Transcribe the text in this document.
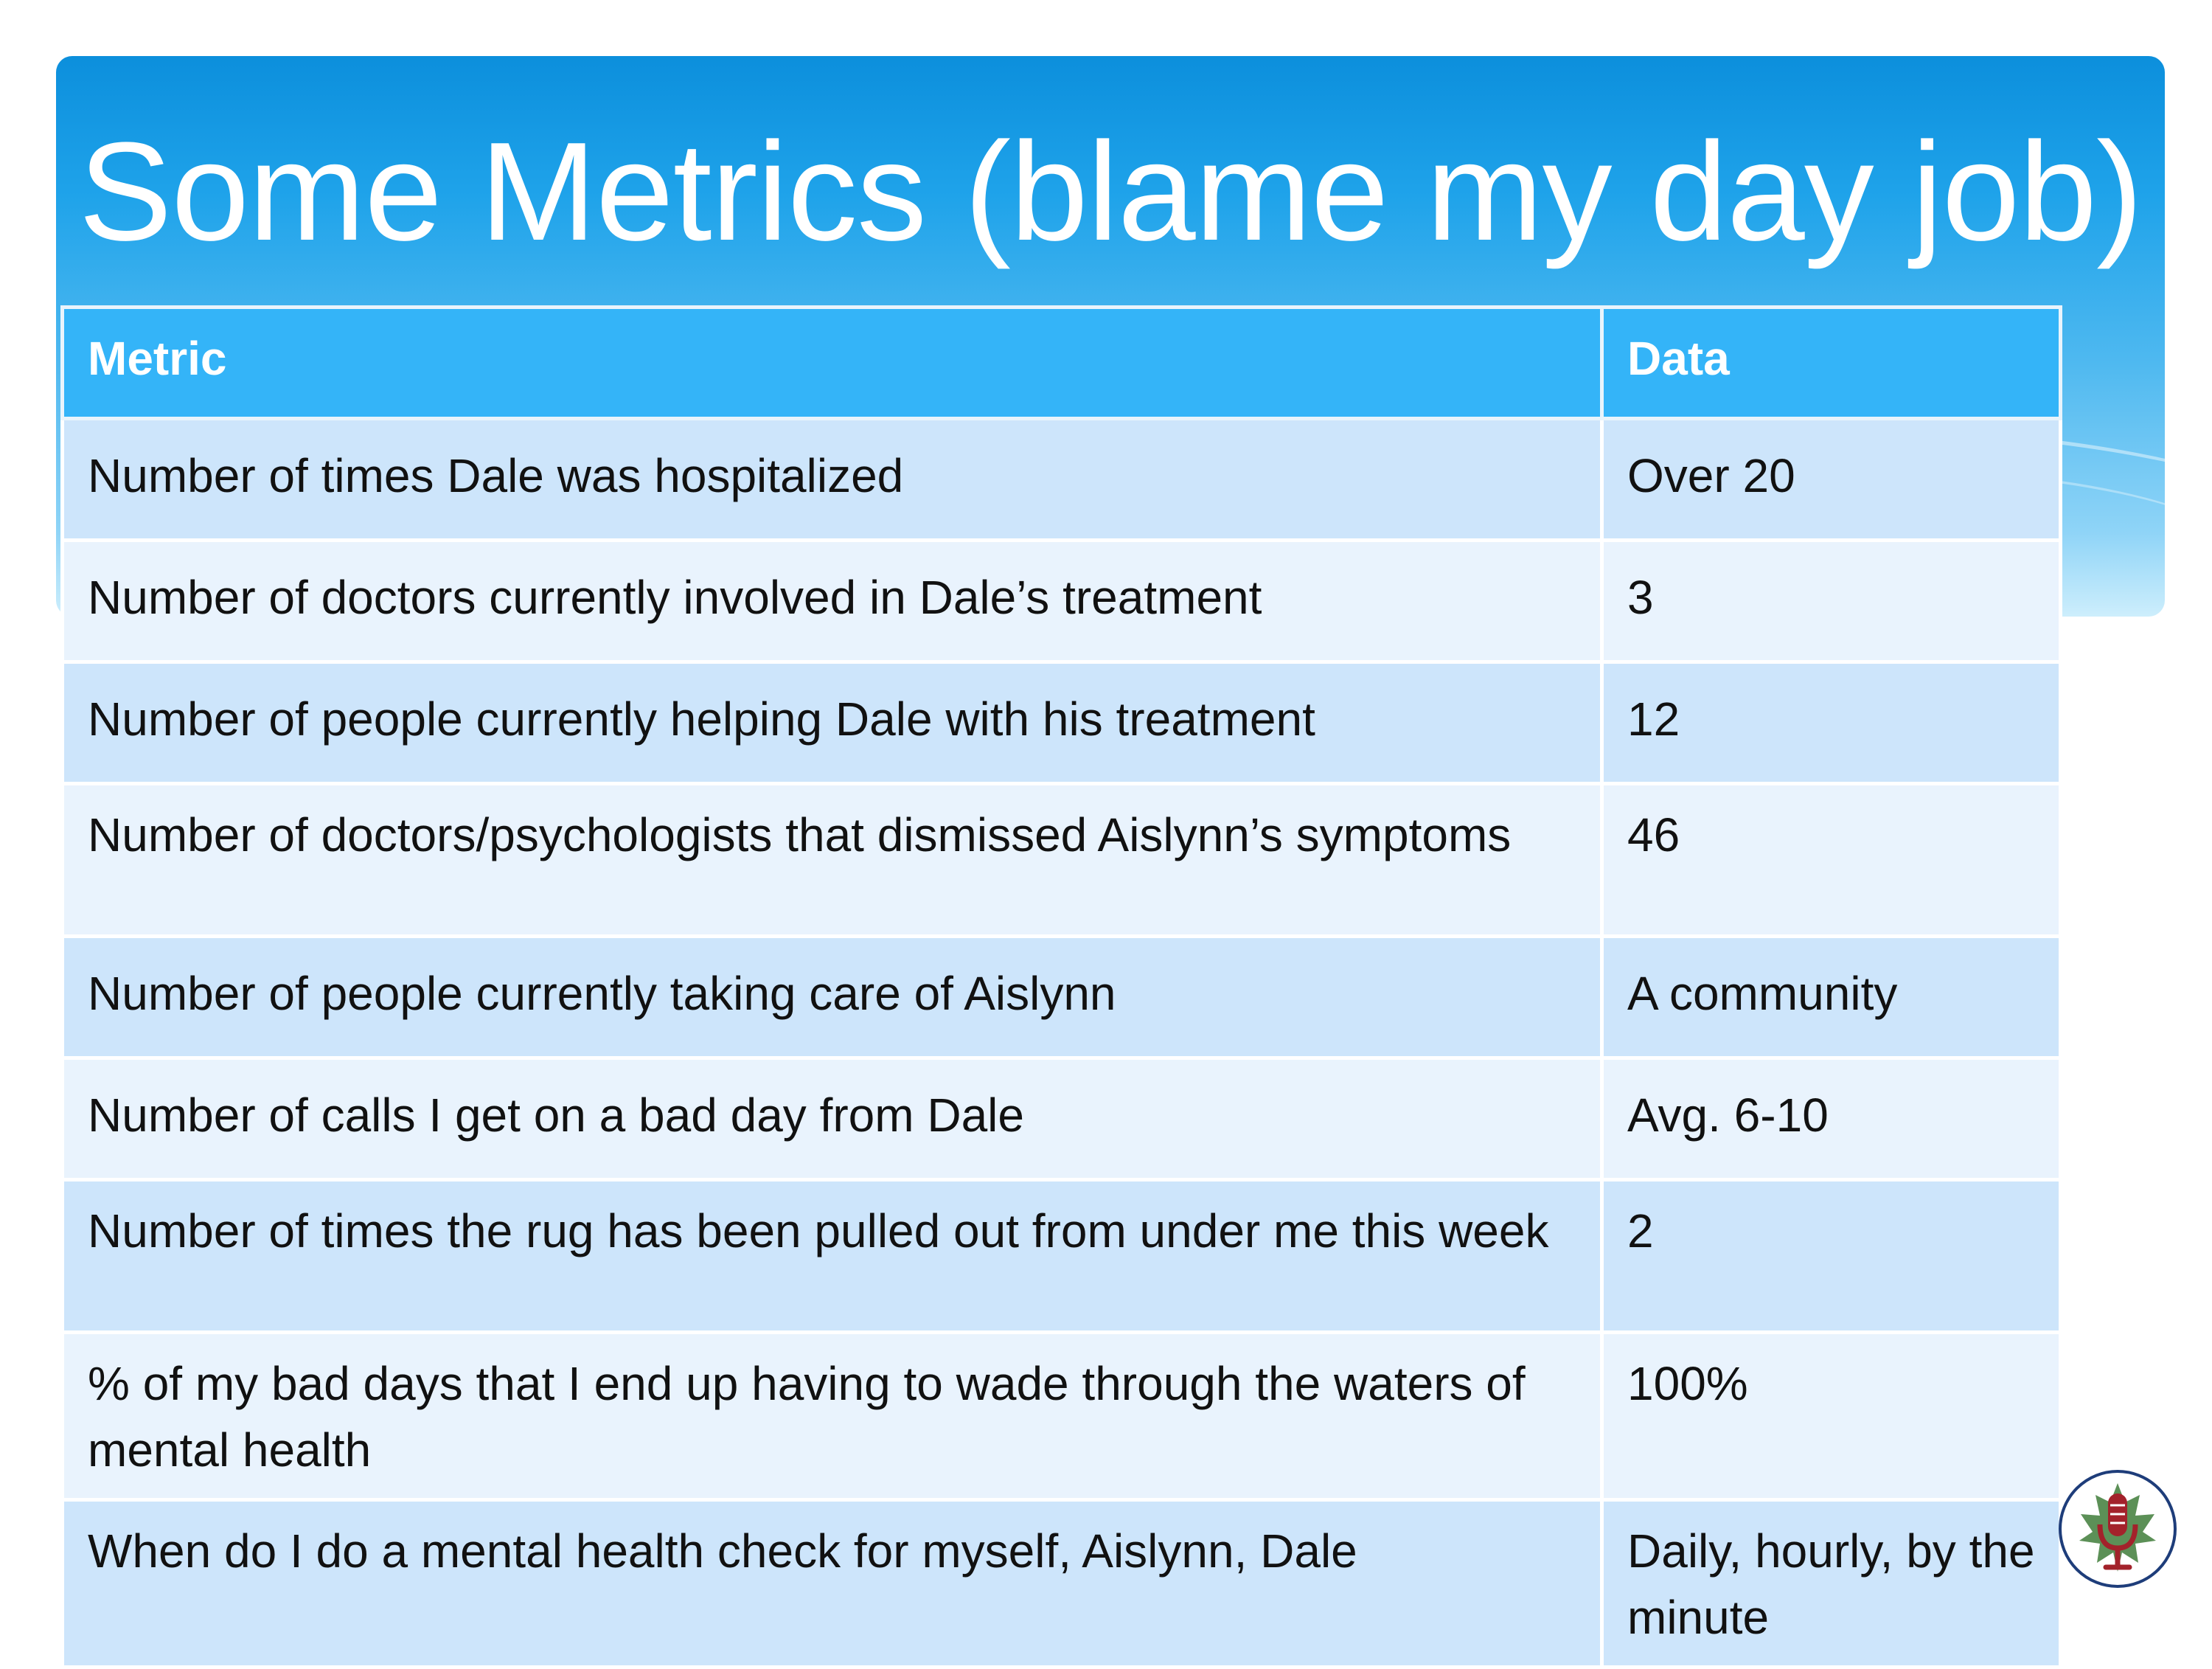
Some Metrics (blame my day job)
Metric	Data
Number of times Dale was hospitalized	Over 20
Number of doctors currently involved in Dale’s treatment	3
Number of people currently helping Dale with his treatment	12
Number of doctors/psychologists that dismissed Aislynn’s symptoms	46
Number of people currently taking care of Aislynn	A community
Number of calls I get on a bad day from Dale	Avg. 6-10
Number of times the rug has been pulled out from under me this week	2
% of my bad days that I end up having to wade through the waters of mental health	100%
When do I do a mental health check for myself, Aislynn, Dale	Daily, hourly, by the minute
